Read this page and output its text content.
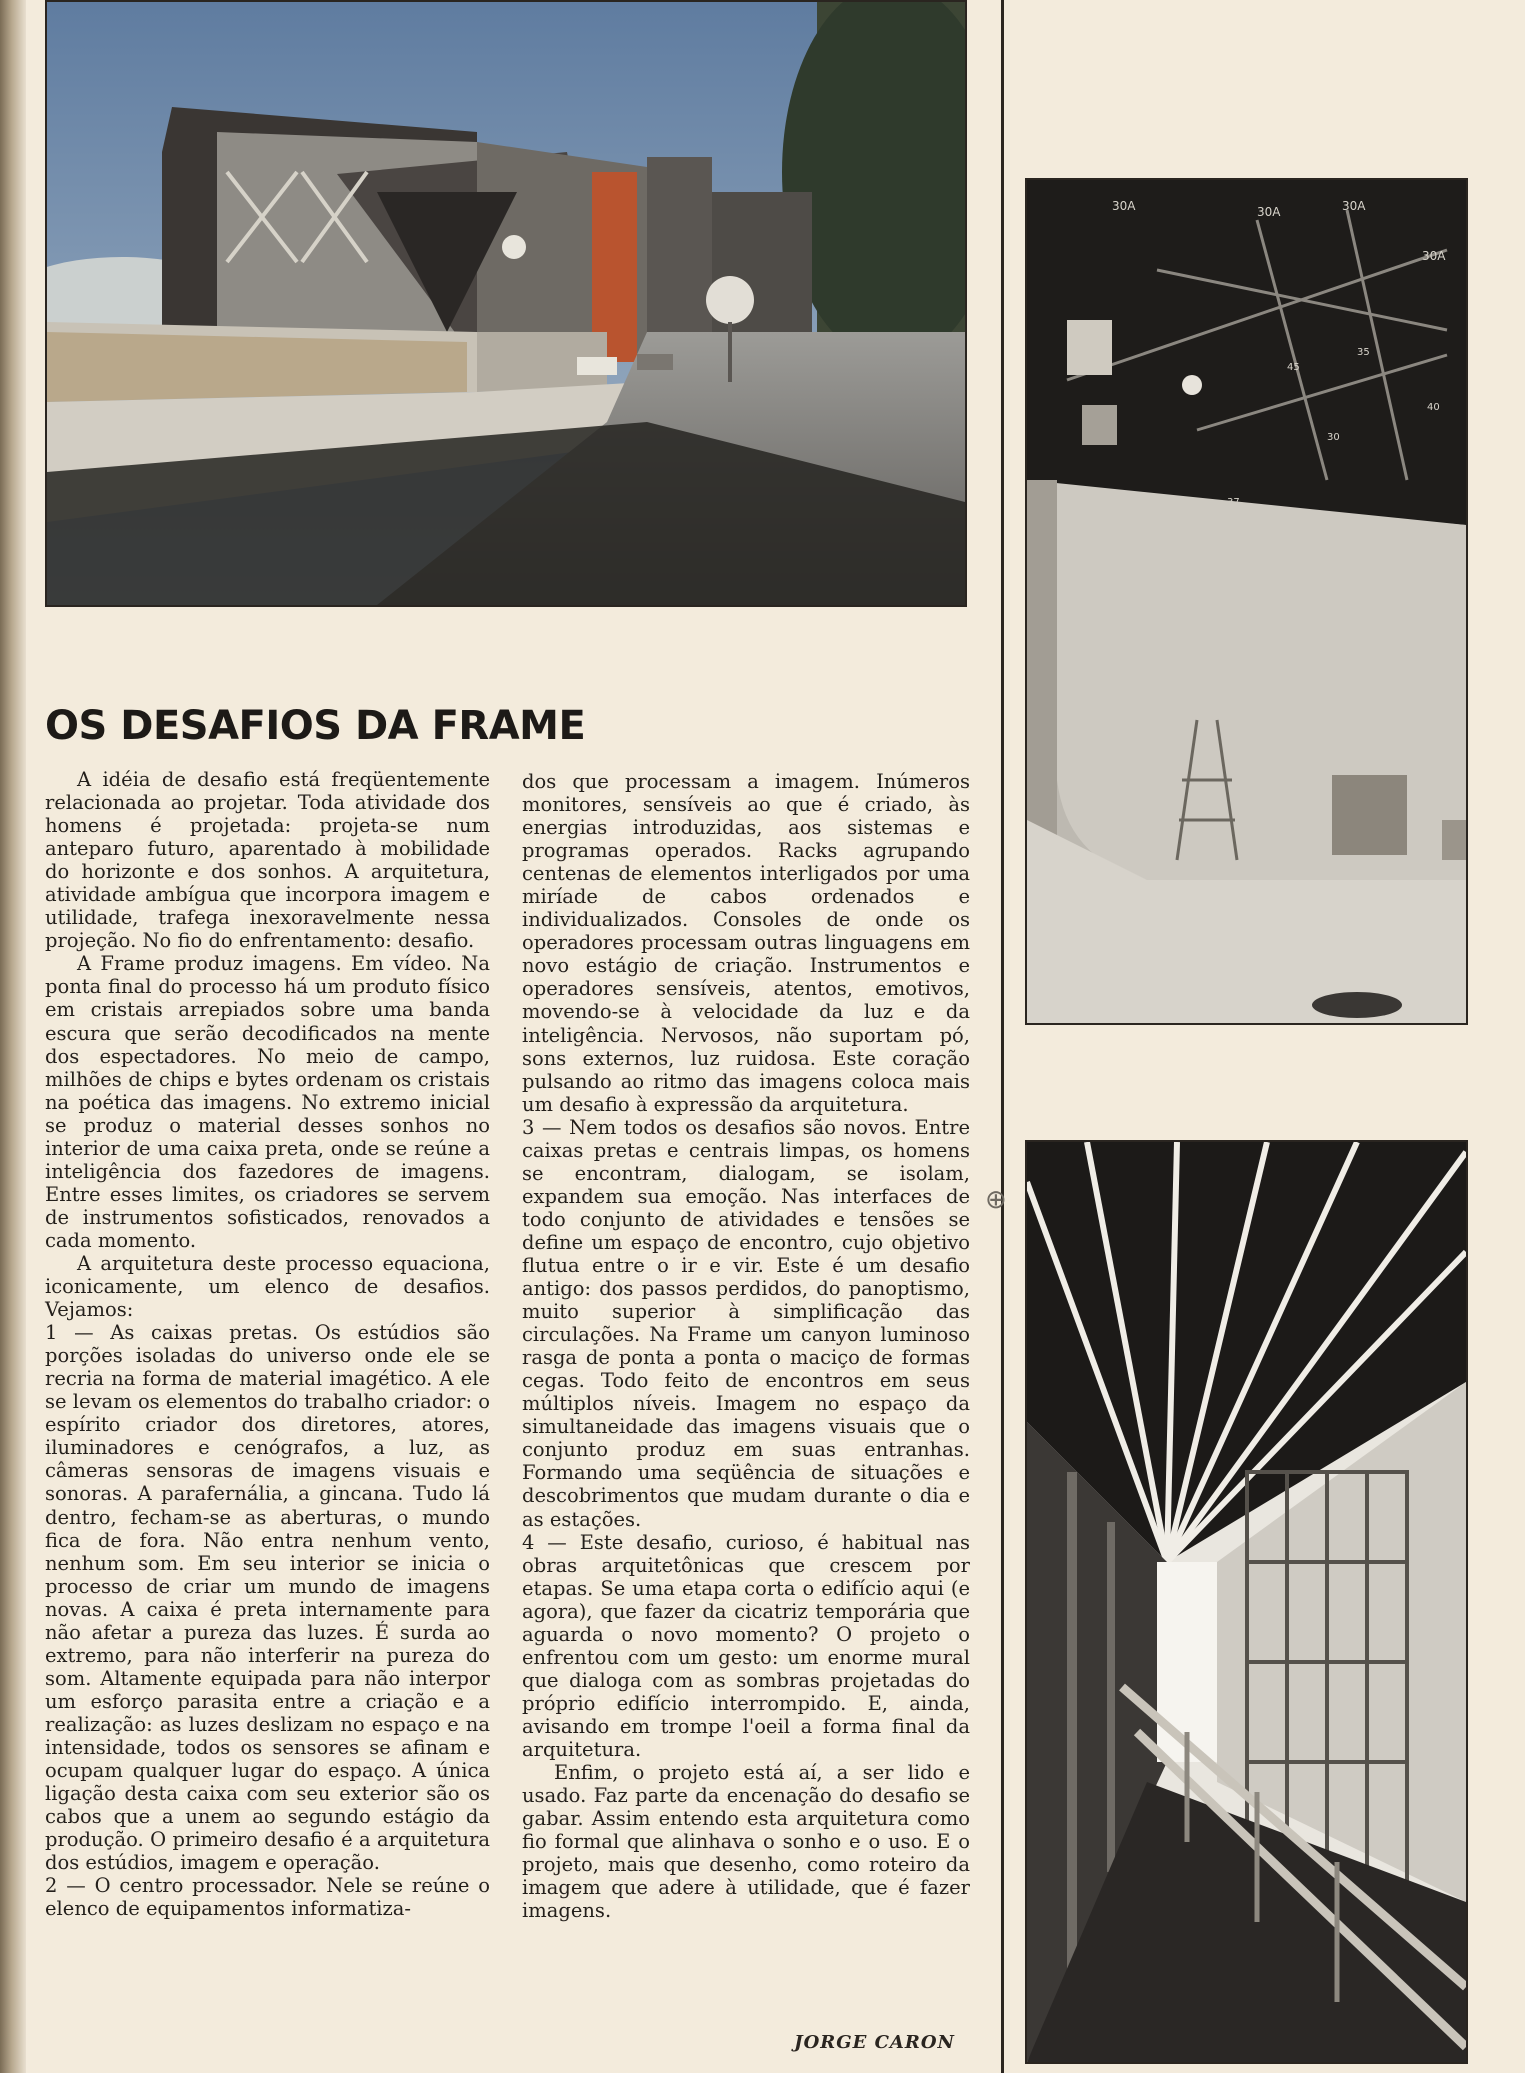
30A	30A	30A
30A
40
30
45
35
⊕
OS DESAFIOS DA FRAME

A idéia de desafio está freqüentemente relacionada ao projetar. Toda atividade dos homens é projetada: projeta-se num anteparo futuro, aparentado à mobilidade do horizonte e dos sonhos. A arquitetura, atividade ambígua que incorpora imagem e utilidade, trafega inexoravelmente nessa projeção. No fio do enfrentamento: desafio.

A Frame produz imagens. Em vídeo. Na ponta final do processo há um produto físico em cristais arrepiados sobre uma banda escura que serão decodificados na mente dos espectadores. No meio de campo, milhões de chips e bytes ordenam os cristais na poética das imagens. No extremo inicial se produz o material desses sonhos no interior de uma caixa preta, onde se reúne a inteligência dos fazedores de imagens. Entre esses limites, os criadores se servem de instrumentos sofisticados, renovados a cada momento.

A arquitetura deste processo equaciona, iconicamente, um elenco de desafios. Vejamos:

1 — As caixas pretas. Os estúdios são porções isoladas do universo onde ele se recria na forma de material imagético. A ele se levam os elementos do trabalho criador: o espírito criador dos diretores, atores, iluminadores e cenógrafos, a luz, as câmeras sensoras de imagens visuais e sonoras. A parafernália, a gincana. Tudo lá dentro, fecham-se as aberturas, o mundo fica de fora. Não entra nenhum vento, nenhum som. Em seu interior se inicia o processo de criar um mundo de imagens novas. A caixa é preta internamente para não afetar a pureza das luzes. É surda ao extremo, para não interferir na pureza do som. Altamente equipada para não interpor um esforço parasita entre a criação e a realização: as luzes deslizam no espaço e na intensidade, todos os sensores se afinam e ocupam qualquer lugar do espaço. A única ligação desta caixa com seu exterior são os cabos que a unem ao segundo estágio da produção. O primeiro desafio é a arquitetura dos estúdios, imagem e operação.

2 — O centro processador. Nele se reúne o elenco de equipamentos informatiza-

dos que processam a imagem. Inúmeros monitores, sensíveis ao que é criado, às energias introduzidas, aos sistemas e programas operados. Racks agrupando centenas de elementos interligados por uma miríade de cabos ordenados e individualizados. Consoles de onde os operadores processam outras linguagens em novo estágio de criação. Instrumentos e operadores sensíveis, atentos, emotivos, movendo-se à velocidade da luz e da inteligência. Nervosos, não suportam pó, sons externos, luz ruidosa. Este coração pulsando ao ritmo das imagens coloca mais um desafio à expressão da arquitetura.

3 — Nem todos os desafios são novos. Entre caixas pretas e centrais limpas, os homens se encontram, dialogam, se isolam, expandem sua emoção. Nas interfaces de todo conjunto de atividades e tensões se define um espaço de encontro, cujo objetivo flutua entre o ir e vir. Este é um desafio antigo: dos passos perdidos, do panoptismo, muito superior à simplificação das circulações. Na Frame um canyon luminoso rasga de ponta a ponta o maciço de formas cegas. Todo feito de encontros em seus múltiplos níveis. Imagem no espaço da simultaneidade das imagens visuais que o conjunto produz em suas entranhas. Formando uma seqüência de situações e descobrimentos que mudam durante o dia e as estações.

4 — Este desafio, curioso, é habitual nas obras arquitetônicas que crescem por etapas. Se uma etapa corta o edifício aqui (e agora), que fazer da cicatriz temporária que aguarda o novo momento? O projeto o enfrentou com um gesto: um enorme mural que dialoga com as sombras projetadas do próprio edifício interrompido. E, ainda, avisando em trompe l'oeil a forma final da arquitetura.

Enfim, o projeto está aí, a ser lido e usado. Faz parte da encenação do desafio se gabar. Assim entendo esta arquitetura como fio formal que alinhava o sonho e o uso. E o projeto, mais que desenho, como roteiro da imagem que adere à utilidade, que é fazer imagens.

JORGE CARON
